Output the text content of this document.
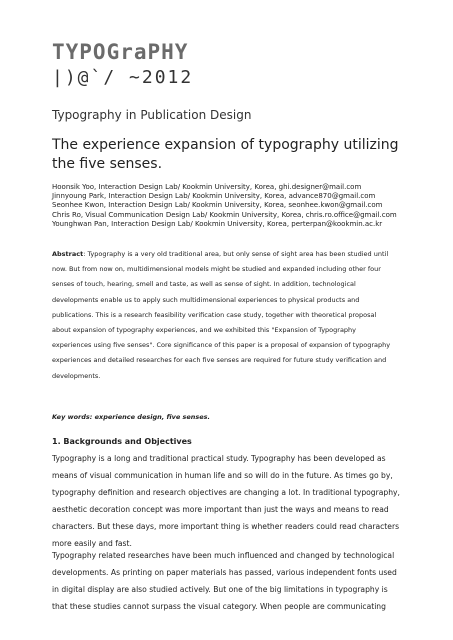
TYPOGraPHY
|)@`/ ~2012
Typography in Publication Design
The experience expansion of typography utilizing the five senses.
Hoonsik Yoo, Interaction Design Lab/ Kookmin University, Korea, ghi.designer@mail.com
Jinnyoung Park, Interaction Design Lab/ Kookmin University, Korea, advance870@gmail.com
Seonhee Kwon, Interaction Design Lab/ Kookmin University, Korea, seonhee.kwon@gmail.com
Chris Ro, Visual Communication Design Lab/ Kookmin University, Korea, chris.ro.office@gmail.com
Younghwan Pan, Interaction Design Lab/ Kookmin University, Korea, perterpan@kookmin.ac.kr
Abstract: Typography is a very old traditional area, but only sense of sight area has been studied until now. But from now on, multidimensional models might be studied and expanded including other four senses of touch, hearing, smell and taste, as well as sense of sight. In addition, technological developments enable us to apply such multidimensional experiences to physical products and publications. This is a research feasibility verification case study, together with theoretical proposal about expansion of typography experiences, and we exhibited this "Expansion of Typography experiences using five senses". Core significance of this paper is a proposal of expansion of typography experiences and detailed researches for each five senses are required for future study verification and developments.
Key words: experience design, five senses.
1. Backgrounds and Objectives
Typography is a long and traditional practical study. Typography has been developed as means of visual communication in human life and so will do in the future. As times go by, typography definition and research objectives are changing a lot. In traditional typography, aesthetic decoration concept was more important than just the ways and means to read characters. But these days, more important thing is whether readers could read characters more easily and fast.
Typography related researches have been much influenced and changed by technological developments. As printing on paper materials has passed, various independent fonts used in digital display are also studied actively. But one of the big limitations in typography is that these studies cannot surpass the visual category. When people are communicating
